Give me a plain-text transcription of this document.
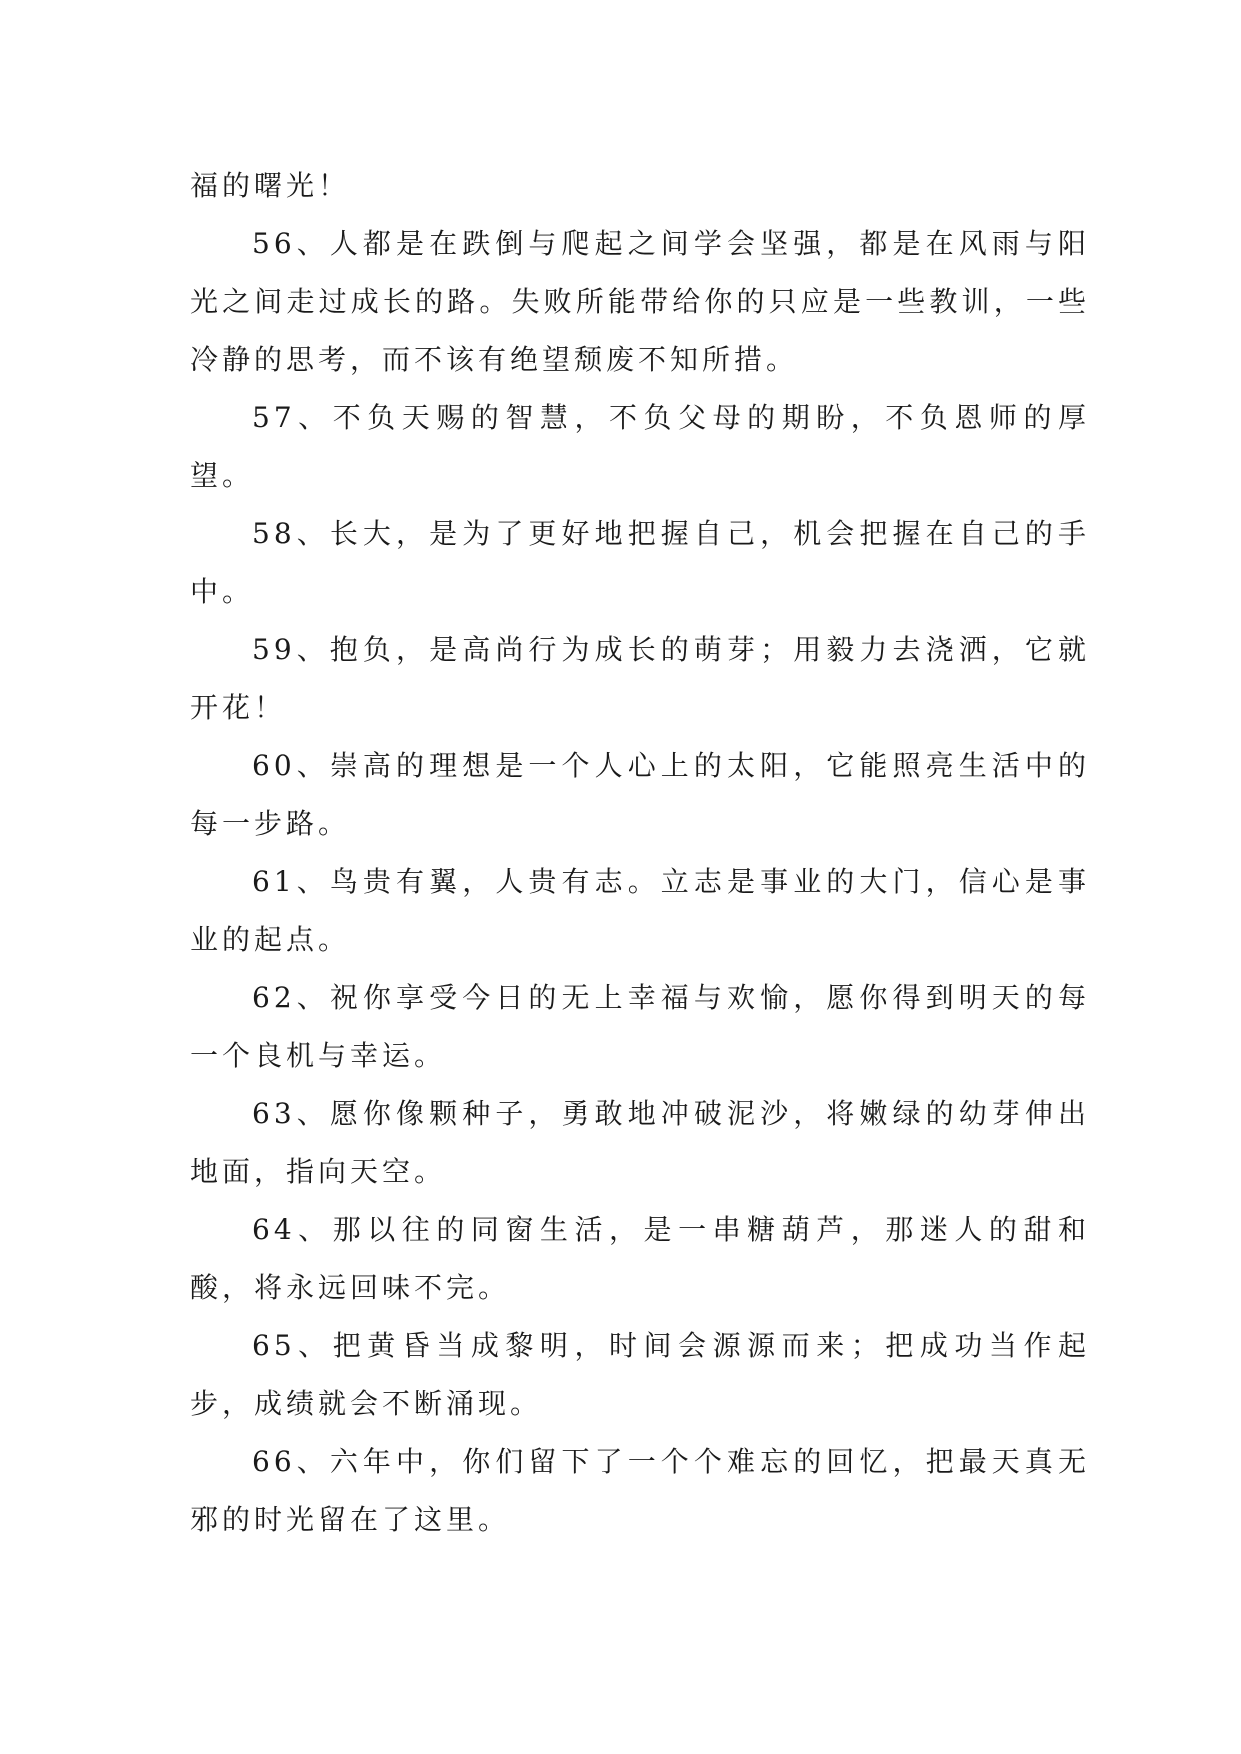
福的曙光！

56、人都是在跌倒与爬起之间学会坚强，都是在风雨与阳光之间走过成长的路。失败所能带给你的只应是一些教训，一些冷静的思考，而不该有绝望颓废不知所措。

57、不负天赐的智慧，不负父母的期盼，不负恩师的厚望。

58、长大，是为了更好地把握自己，机会把握在自己的手中。

59、抱负，是高尚行为成长的萌芽；用毅力去浇洒，它就开花！

60、崇高的理想是一个人心上的太阳，它能照亮生活中的每一步路。

61、鸟贵有翼，人贵有志。立志是事业的大门，信心是事业的起点。

62、祝你享受今日的无上幸福与欢愉，愿你得到明天的每一个良机与幸运。

63、愿你像颗种子，勇敢地冲破泥沙，将嫩绿的幼芽伸出地面，指向天空。

64、那以往的同窗生活，是一串糖葫芦，那迷人的甜和酸，将永远回味不完。

65、把黄昏当成黎明，时间会源源而来；把成功当作起步，成绩就会不断涌现。

66、六年中，你们留下了一个个难忘的回忆，把最天真无邪的时光留在了这里。
